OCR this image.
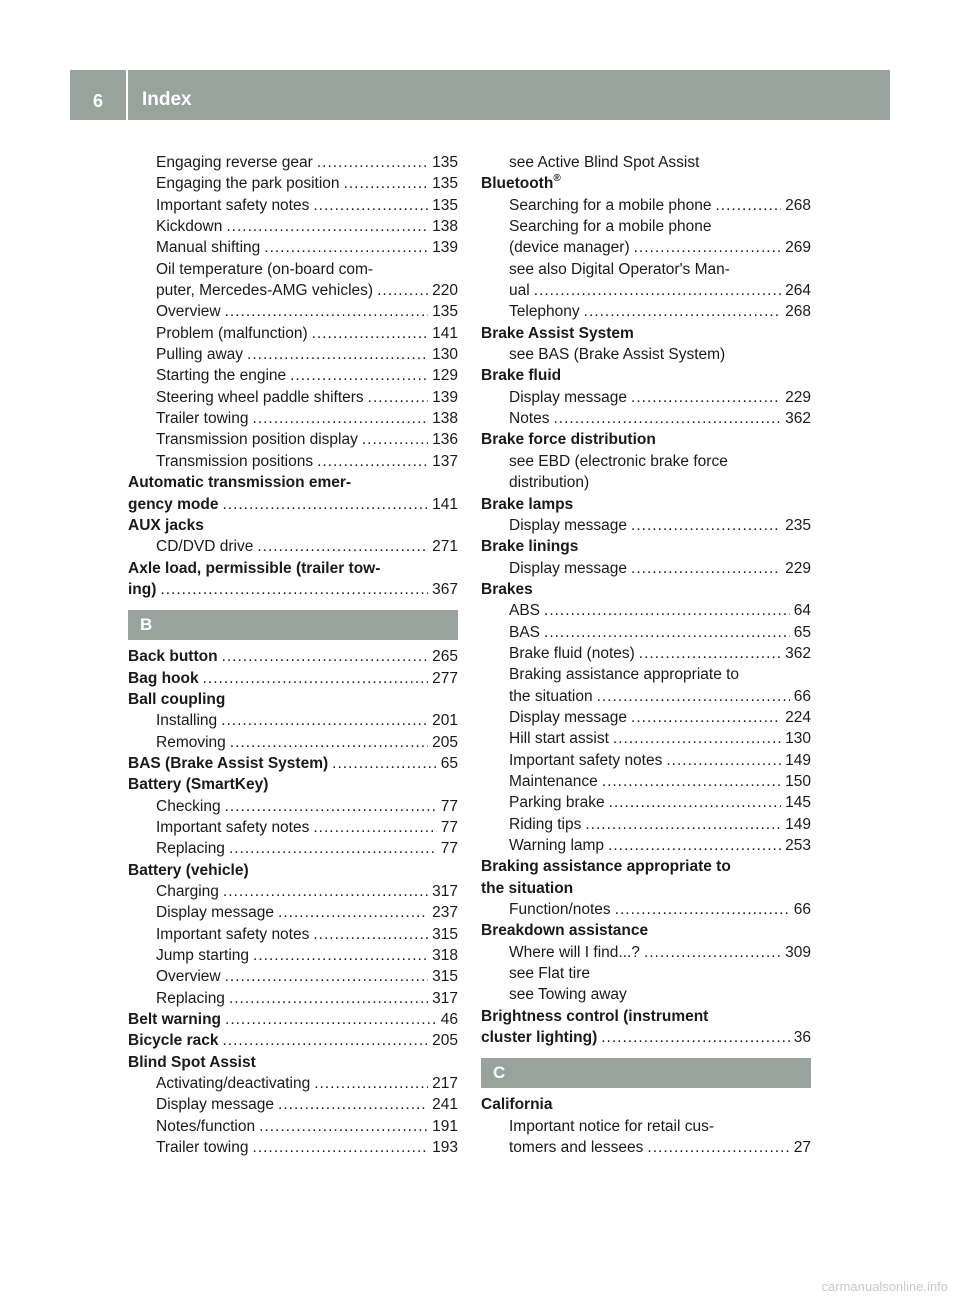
6	Index
Engaging reverse gear .....	135
Engaging the park position .....	135
Important safety notes .....	135
Kickdown .....	138
Manual shifting .....	139
Oil temperature (on-board com-
puter, Mercedes-AMG vehicles) .....	220
Overview .....	135
Problem (malfunction) .....	141
Pulling away .....	130
Starting the engine .....	129
Steering wheel paddle shifters .....	139
Trailer towing .....	138
Transmission position display .....	136
Transmission positions .....	137
Automatic transmission emer-
gency mode .....	141
AUX jacks
CD/DVD drive .....	271
Axle load, permissible (trailer tow-
ing) .....	367
B
Back button .....	265
Bag hook .....	277
Ball coupling
Installing .....	201
Removing .....	205
BAS (Brake Assist System) .....	65
Battery (SmartKey)
Checking .....	77
Important safety notes .....	77
Replacing .....	77
Battery (vehicle)
Charging .....	317
Display message .....	237
Important safety notes .....	315
Jump starting .....	318
Overview .....	315
Replacing .....	317
Belt warning .....	46
Bicycle rack .....	205
Blind Spot Assist
Activating/deactivating .....	217
Display message .....	241
Notes/function .....	191
Trailer towing .....	193
see Active Blind Spot Assist
Bluetooth®
Searching for a mobile phone .....	268
Searching for a mobile phone
(device manager) .....	269
see also Digital Operator's Man-
ual .....	264
Telephony .....	268
Brake Assist System
see BAS (Brake Assist System)
Brake fluid
Display message .....	229
Notes .....	362
Brake force distribution
see EBD (electronic brake force
distribution)
Brake lamps
Display message .....	235
Brake linings
Display message .....	229
Brakes
ABS .....	64
BAS .....	65
Brake fluid (notes) .....	362
Braking assistance appropriate to
the situation .....	66
Display message .....	224
Hill start assist .....	130
Important safety notes .....	149
Maintenance .....	150
Parking brake .....	145
Riding tips .....	149
Warning lamp .....	253
Braking assistance appropriate to
the situation
Function/notes .....	66
Breakdown assistance
Where will I find...? .....	309
see Flat tire
see Towing away
Brightness control (instrument
cluster lighting) .....	36
C
California
Important notice for retail cus-
tomers and lessees .....	27
carmanualsonline.info
